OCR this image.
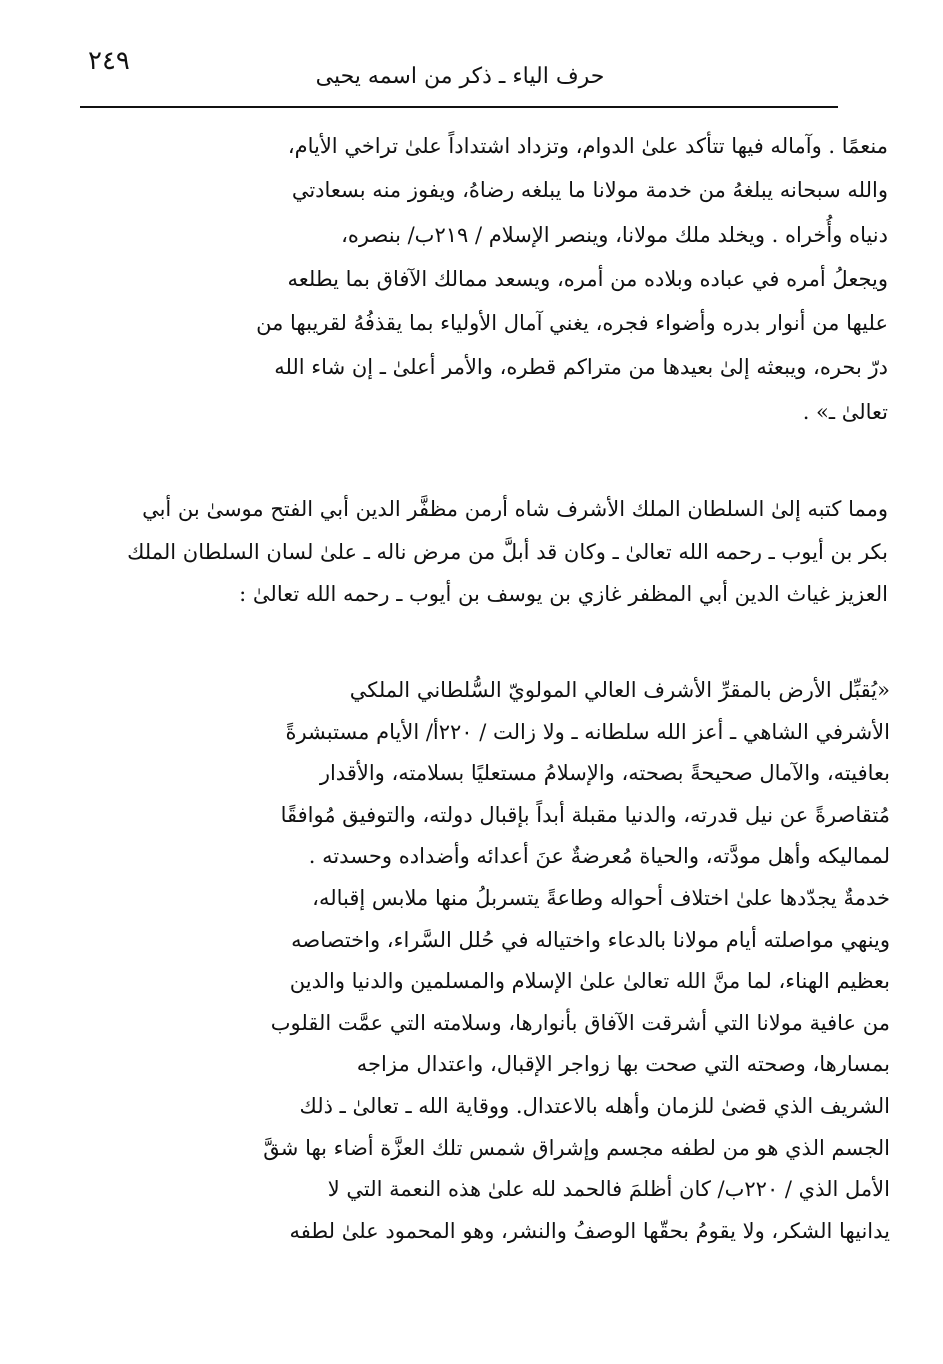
٢٤٩
حرف الياء ـ ذكر من اسمه يحيى
منعمًا . وآماله فيها تتأكد علىٰ الدوام، وتزداد اشتداداً علىٰ تراخي الأيام،
والله سبحانه يبلغهُ من خدمة مولانا ما يبلغه رضاهُ، ويفوز منه بسعادتي
دنياه وأُخراه . ويخلد ملك مولانا، وينصر الإسلام / ٢١٩ب/ بنصره،
ويجعلُ أمره في عباده وبلاده من أمره، ويسعد ممالك الآفاق بما يطلعه
عليها من أنوار بدره وأضواء فجره، يغني آمال الأولياء بما يقذفُهُ لقريبها من
درّ بحره، ويبعثه إلىٰ بعيدها من متراكم قطره، والأمر أعلىٰ ـ إن شاء الله
تعالىٰ ـ» .
ومما كتبه إلىٰ السلطان الملك الأشرف شاه أرمن مظفَّر الدين أبي الفتح موسىٰ بن أبي
بكر بن أيوب ـ رحمه الله تعالىٰ ـ وكان قد أبلَّ من مرض ناله ـ علىٰ لسان السلطان الملك
العزيز غياث الدين أبي المظفر غازي بن يوسف بن أيوب ـ رحمه الله تعالىٰ :
«يُقبِّل الأرض بالمقرِّ الأشرف العالي المولويّ السُّلطاني الملكي
الأشرفي الشاهي ـ أعز الله سلطانه ـ ولا زالت / ٢٢٠أ/ الأيام مستبشرةً
بعافيته، والآمال صحيحةً بصحته، والإسلامُ مستعليًا بسلامته، والأقدار
مُتقاصرةً عن نيل قدرته، والدنيا مقبلة أبداً بإقبال دولته، والتوفيق مُوافقًا
لممالیكه وأهل مودَّته، والحياة مُعرضةٌ عنَ أعدائه وأضداده وحسدته .
خدمةٌ يجدّدها علىٰ اختلاف أحواله وطاعةً يتسربلُ منها ملابس إقباله،
وينهي مواصلته أيام مولانا بالدعاء واختياله في حُلل السَّراء، واختصاصه
بعظيم الهناء، لما منَّ الله تعالىٰ علىٰ الإسلام والمسلمين والدنيا والدين
من عافية مولانا التي أشرقت الآفاق بأنوارها، وسلامته التي عمَّت القلوب
بمسارها، وصحته التي صحت بها زواجر الإقبال، واعتدال مزاجه
الشريف الذي قضىٰ للزمان وأهله بالاعتدال. ووقاية الله ـ تعالىٰ ـ ذلك
الجسم الذي هو من لطفه مجسم وإشراق شمس تلك العزَّة أضاء بها شقَّ
الأمل الذي / ٢٢٠ب/ كان أظلمَ فالحمد لله علىٰ هذه النعمة التي لا
يدانيها الشكر، ولا يقومُ بحقّها الوصفُ والنشر، وهو المحمود علىٰ لطفه
